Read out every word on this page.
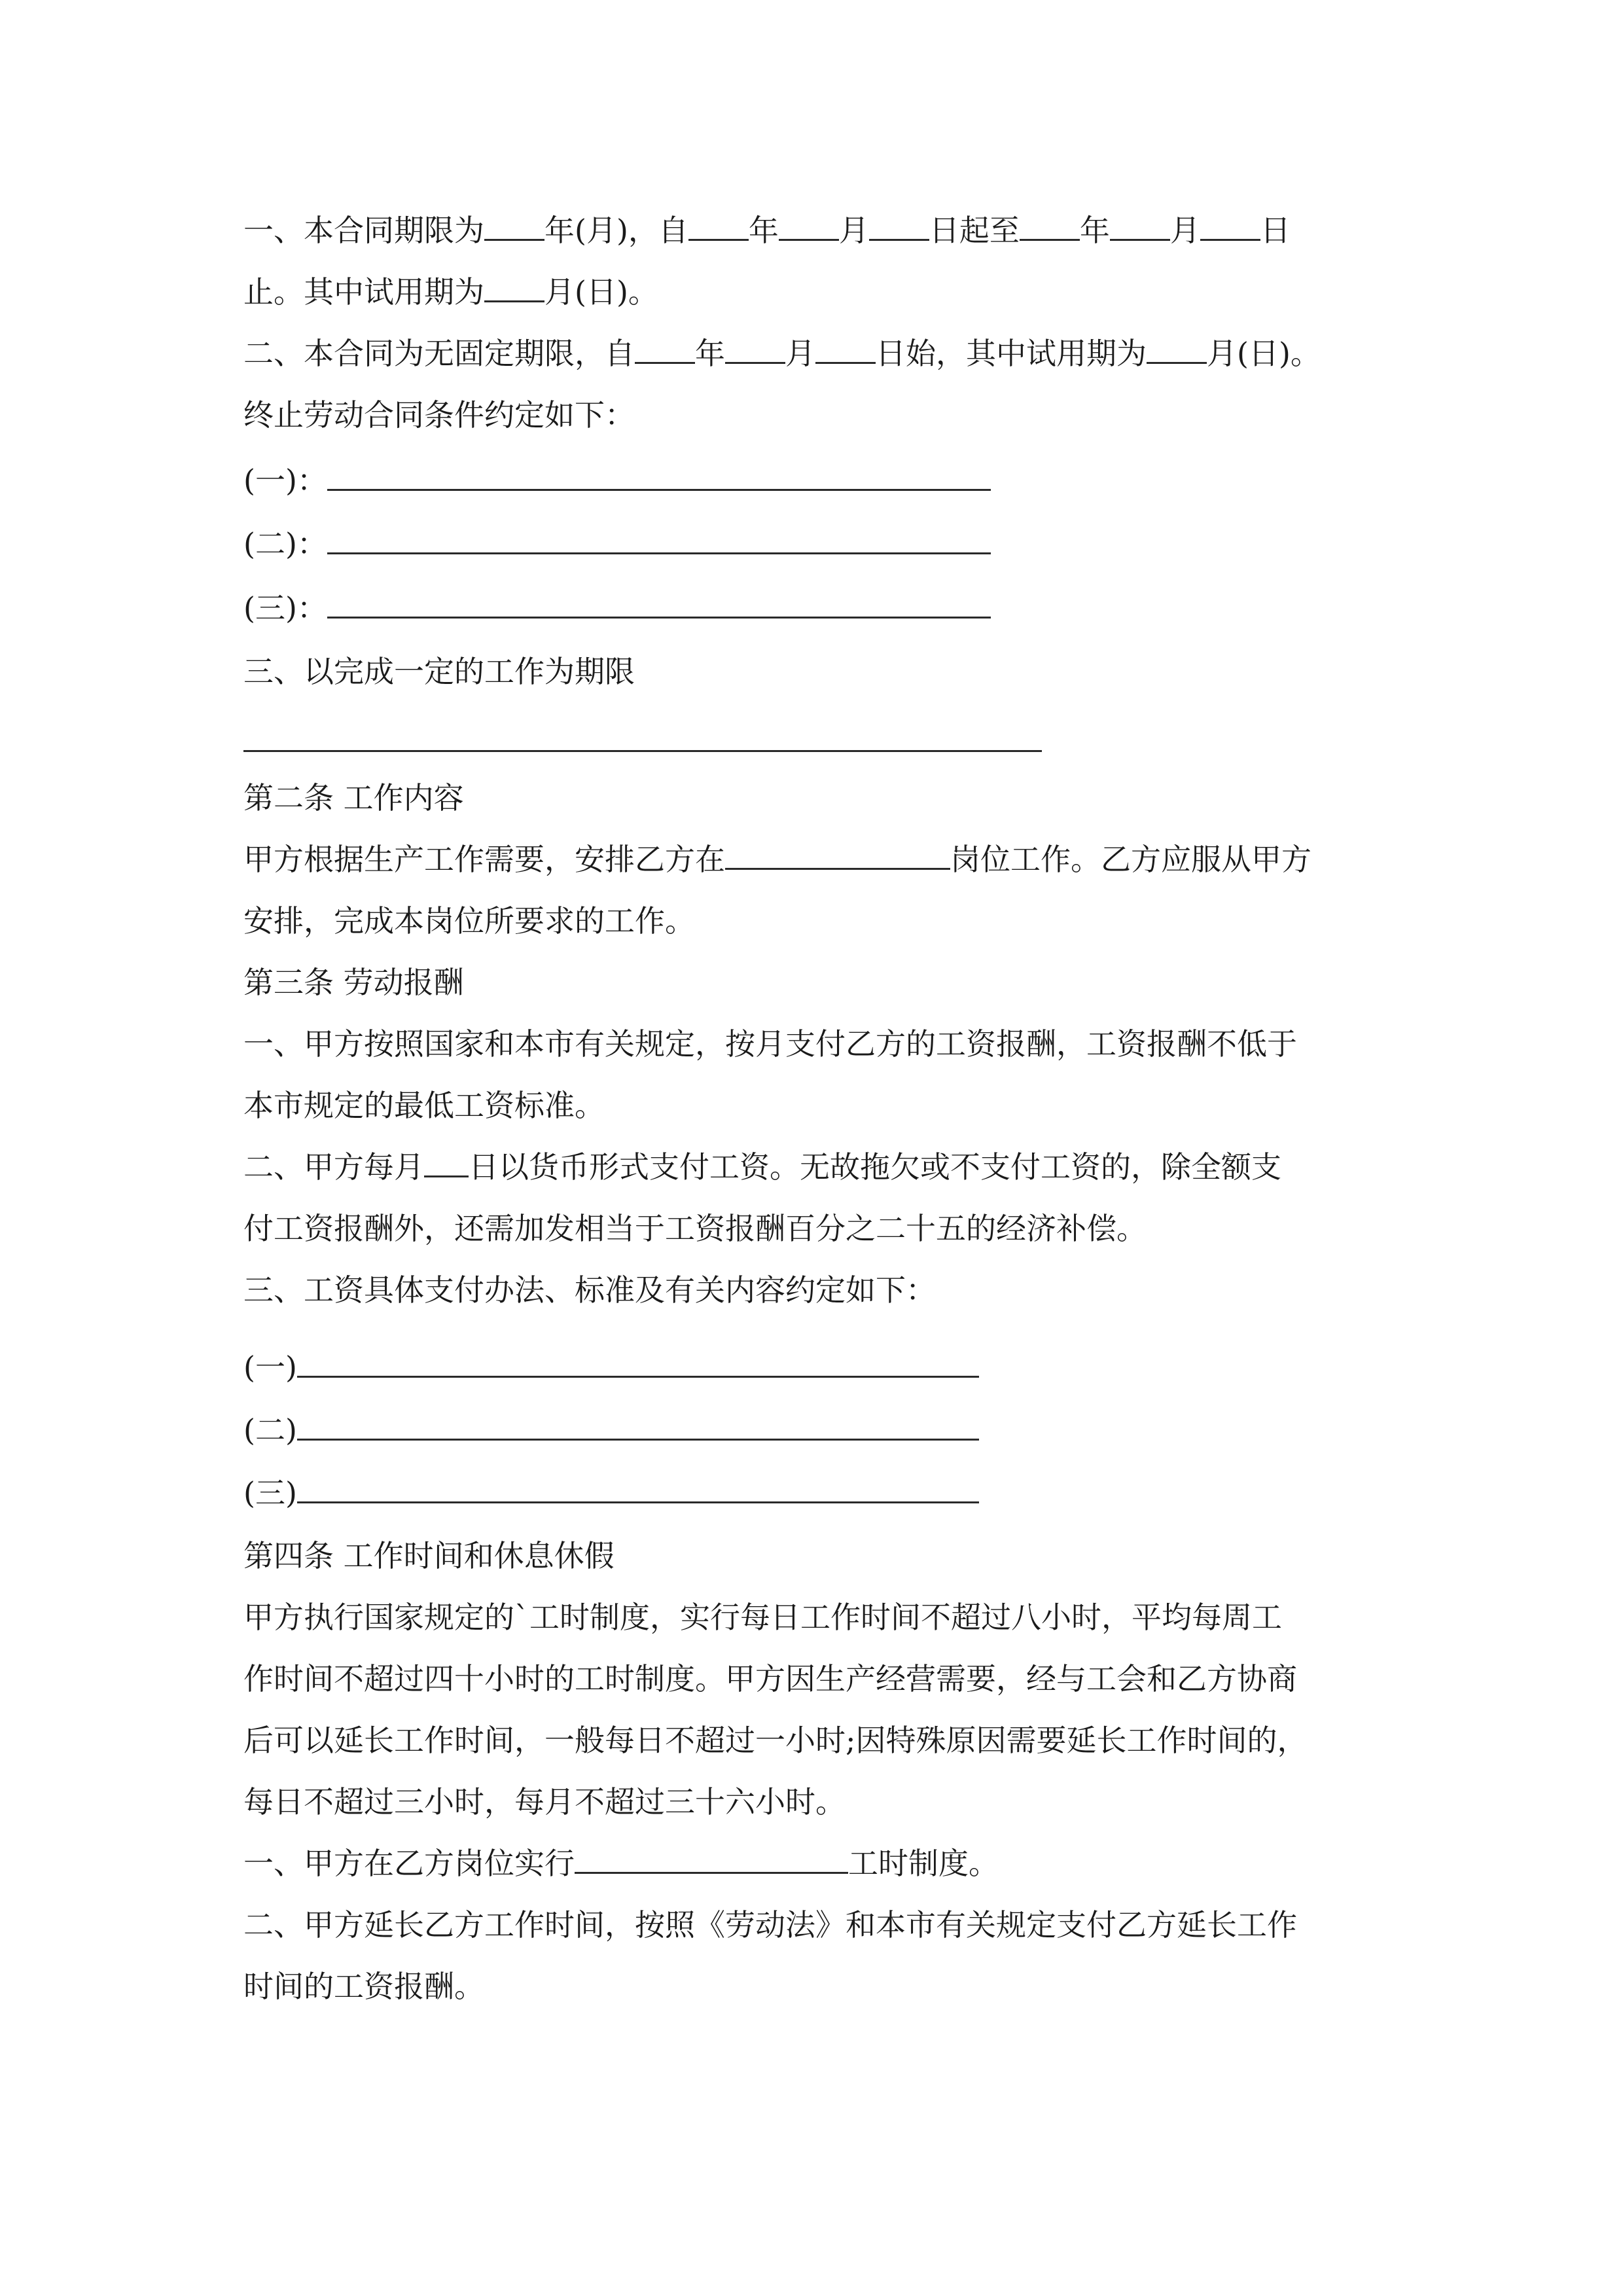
一、本合同期限为 年(月)，自 年 月 日起至 年 月 日
止。其中试用期为 月(日)。
二、本合同为无固定期限，自 年 月 日始，其中试用期为 月(日)。
终止劳动合同条件约定如下：
(一)：
(二)：
(三)：
三、以完成一定的工作为期限
第二条 工作内容
甲方根据生产工作需要，安排乙方在	岗位工作。乙方应服从甲方
安排，完成本岗位所要求的工作。
第三条 劳动报酬
一、甲方按照国家和本市有关规定，按月支付乙方的工资报酬，工资报酬不低于
本市规定的最低工资标准。
二、甲方每月 日以货币形式支付工资。无故拖欠或不支付工资的，除全额支
付工资报酬外，还需加发相当于工资报酬百分之二十五的经济补偿。
三、工资具体支付办法、标准及有关内容约定如下：
(一)
(二)
(三)
第四条 工作时间和休息休假
甲方执行国家规定的`工时制度，实行每日工作时间不超过八小时，平均每周工
作时间不超过四十小时的工时制度。甲方因生产经营需要，经与工会和乙方协商
后可以延长工作时间，一般每日不超过一小时;因特殊原因需要延长工作时间的，
每日不超过三小时，每月不超过三十六小时。
一、甲方在乙方岗位实行	工时制度。
二、甲方延长乙方工作时间，按照《劳动法》和本市有关规定支付乙方延长工作
时间的工资报酬。
